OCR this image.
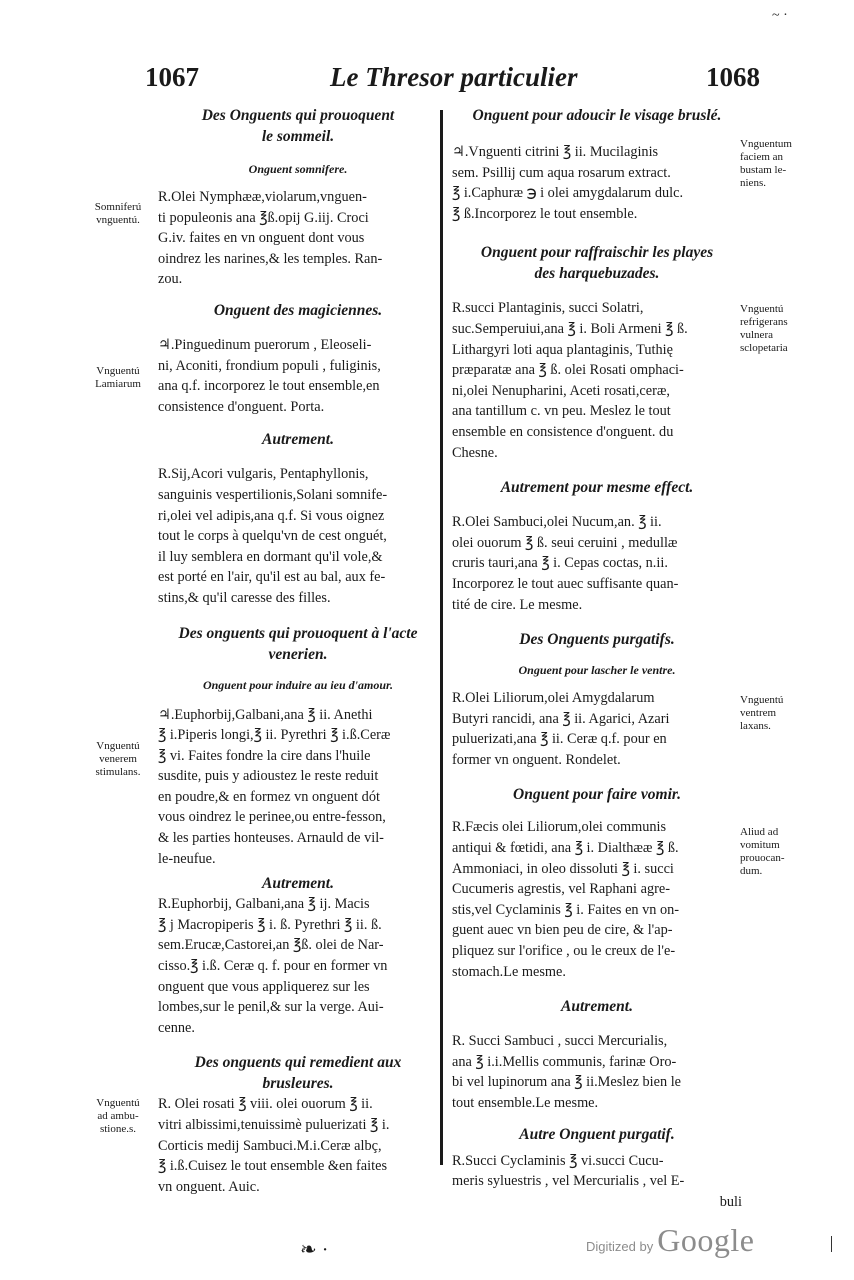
~ ·
1067	Le Thresor particulier	1068

Des Onguents qui prouoquent

le sommeil.

Onguent somnifere.

R.Olei Nymphææ,violarum,vnguen-
ti populeonis ana ℥ß.opij G.iij. Croci
G.iv. faites en vn onguent dont vous
oindrez les narines,& les temples. Ran-
zou.

Onguent des magiciennes.

♃.Pinguedinum puerorum , Eleoseli-
ni, Aconiti, frondium populi , fuliginis,
ana q.f. incorporez le tout ensemble,en
consistence d'onguent. Porta.

Autrement.

R.Sij,Acori vulgaris, Pentaphyllonis,
sanguinis vespertilionis,Solani somnife-
ri,olei vel adipis,ana q.f. Si vous oignez
tout le corps à quelqu'vn de cest onguét,
il luy semblera en dormant qu'il vole,&
est porté en l'air, qu'il est au bal, aux fe-
stins,& qu'il caresse des filles.

Des onguents qui prouoquent à l'acte

venerien.

Onguent pour induire au ieu d'amour.

♃.Euphorbij,Galbani,ana ℥ ii. Anethi
℥ i.Piperis longi,℥ ii. Pyrethri ℥ i.ß.Ceræ
℥ vi. Faites fondre la cire dans l'huile
susdite, puis y adioustez le reste reduit
en poudre,& en formez vn onguent dót
vous oindrez le perinee,ou entre-fesson,
& les parties honteuses. Arnauld de vil-
le-neufue.

Autrement.

R.Euphorbij, Galbani,ana ℥ ij. Macis
℥ j Macropiperis ℥ i. ß. Pyrethri ℥ ii. ß.
sem.Erucæ,Castorei,an ℥ß. olei de Nar-
cisso.℥ i.ß. Ceræ q. f. pour en former vn
onguent que vous appliquerez sur les
lombes,sur le penil,& sur la verge. Aui-
cenne.

Des onguents qui remedient aux

brusleures.

R. Olei rosati ℥ viii. olei ouorum ℥ ii.
vitri albissimi,tenuissimè puluerizati ℥ i.
Corticis medij Sambuci.M.i.Ceræ albç,
℥ i.ß.Cuisez le tout ensemble &en faites
vn onguent. Auic.

Onguent pour adoucir le visage bruslé.

♃.Vnguenti citrini ℥ ii. Mucilaginis
sem. Psillij cum aqua rosarum extract.
℥ i.Caphuræ ℈ i olei amygdalarum dulc.
℥ ß.Incorporez le tout ensemble.

Onguent pour raffraischir les playes

des harquebuzades.

R.succi Plantaginis, succi Solatri,
suc.Semperuiui,ana ℥ i. Boli Armeni ℥ ß.
Lithargyri loti aqua plantaginis, Tuthię
præparatæ ana ℥ ß. olei Rosati omphaci-
ni,olei Nenupharini, Aceti rosati,ceræ,
ana tantillum c. vn peu. Meslez le tout
ensemble en consistence d'onguent. du
Chesne.

Autrement pour mesme effect.

R.Olei Sambuci,olei Nucum,an. ℥ ii.
olei ouorum ℥ ß. seui ceruini , medullæ
cruris tauri,ana ℥ i. Cepas coctas, n.ii.
Incorporez le tout auec suffisante quan-
tité de cire. Le mesme.

Des Onguents purgatifs.

Onguent pour lascher le ventre.

R.Olei Liliorum,olei Amygdalarum
Butyri rancidi, ana ℥ ii. Agarici, Azari
puluerizati,ana ℥ ii. Ceræ q.f. pour en
former vn onguent. Rondelet.

Onguent pour faire vomir.

R.Fæcis olei Liliorum,olei communis
antiqui & fœtidi, ana ℥ i. Dialthææ ℥ ß.
Ammoniaci, in oleo dissoluti ℥ i. succi
Cucumeris agrestis, vel Raphani agre-
stis,vel Cyclaminis ℥ i. Faites en vn on-
guent auec vn bien peu de cire, & l'ap-
pliquez sur l'orifice , ou le creux de l'e-
stomach.Le mesme.

Autrement.

R. Succi Sambuci , succi Mercurialis,
ana ℥ i.i.Mellis communis, farinæ Oro-
bi vel lupinorum ana ℥ ii.Meslez bien le
tout ensemble.Le mesme.

Autre Onguent purgatif.

R.Succi Cyclaminis ℥ vi.succi Cucu-
meris syluestris , vel Mercurialis , vel E-
buli
Somniferú
vnguentú.
Vnguentú
Lamiarum
Vnguentú
venerem
stimulans.
Vnguentú
ad ambu-
stione.s.
Vnguentum
faciem an
bustam le-
niens.
Vnguentú
refrigerans
vulnera
sclopetaria
Vnguentú
ventrem
laxans.
Aliud ad
vomitum
prouocan-
dum.
❧ ·	Digitized by Google
